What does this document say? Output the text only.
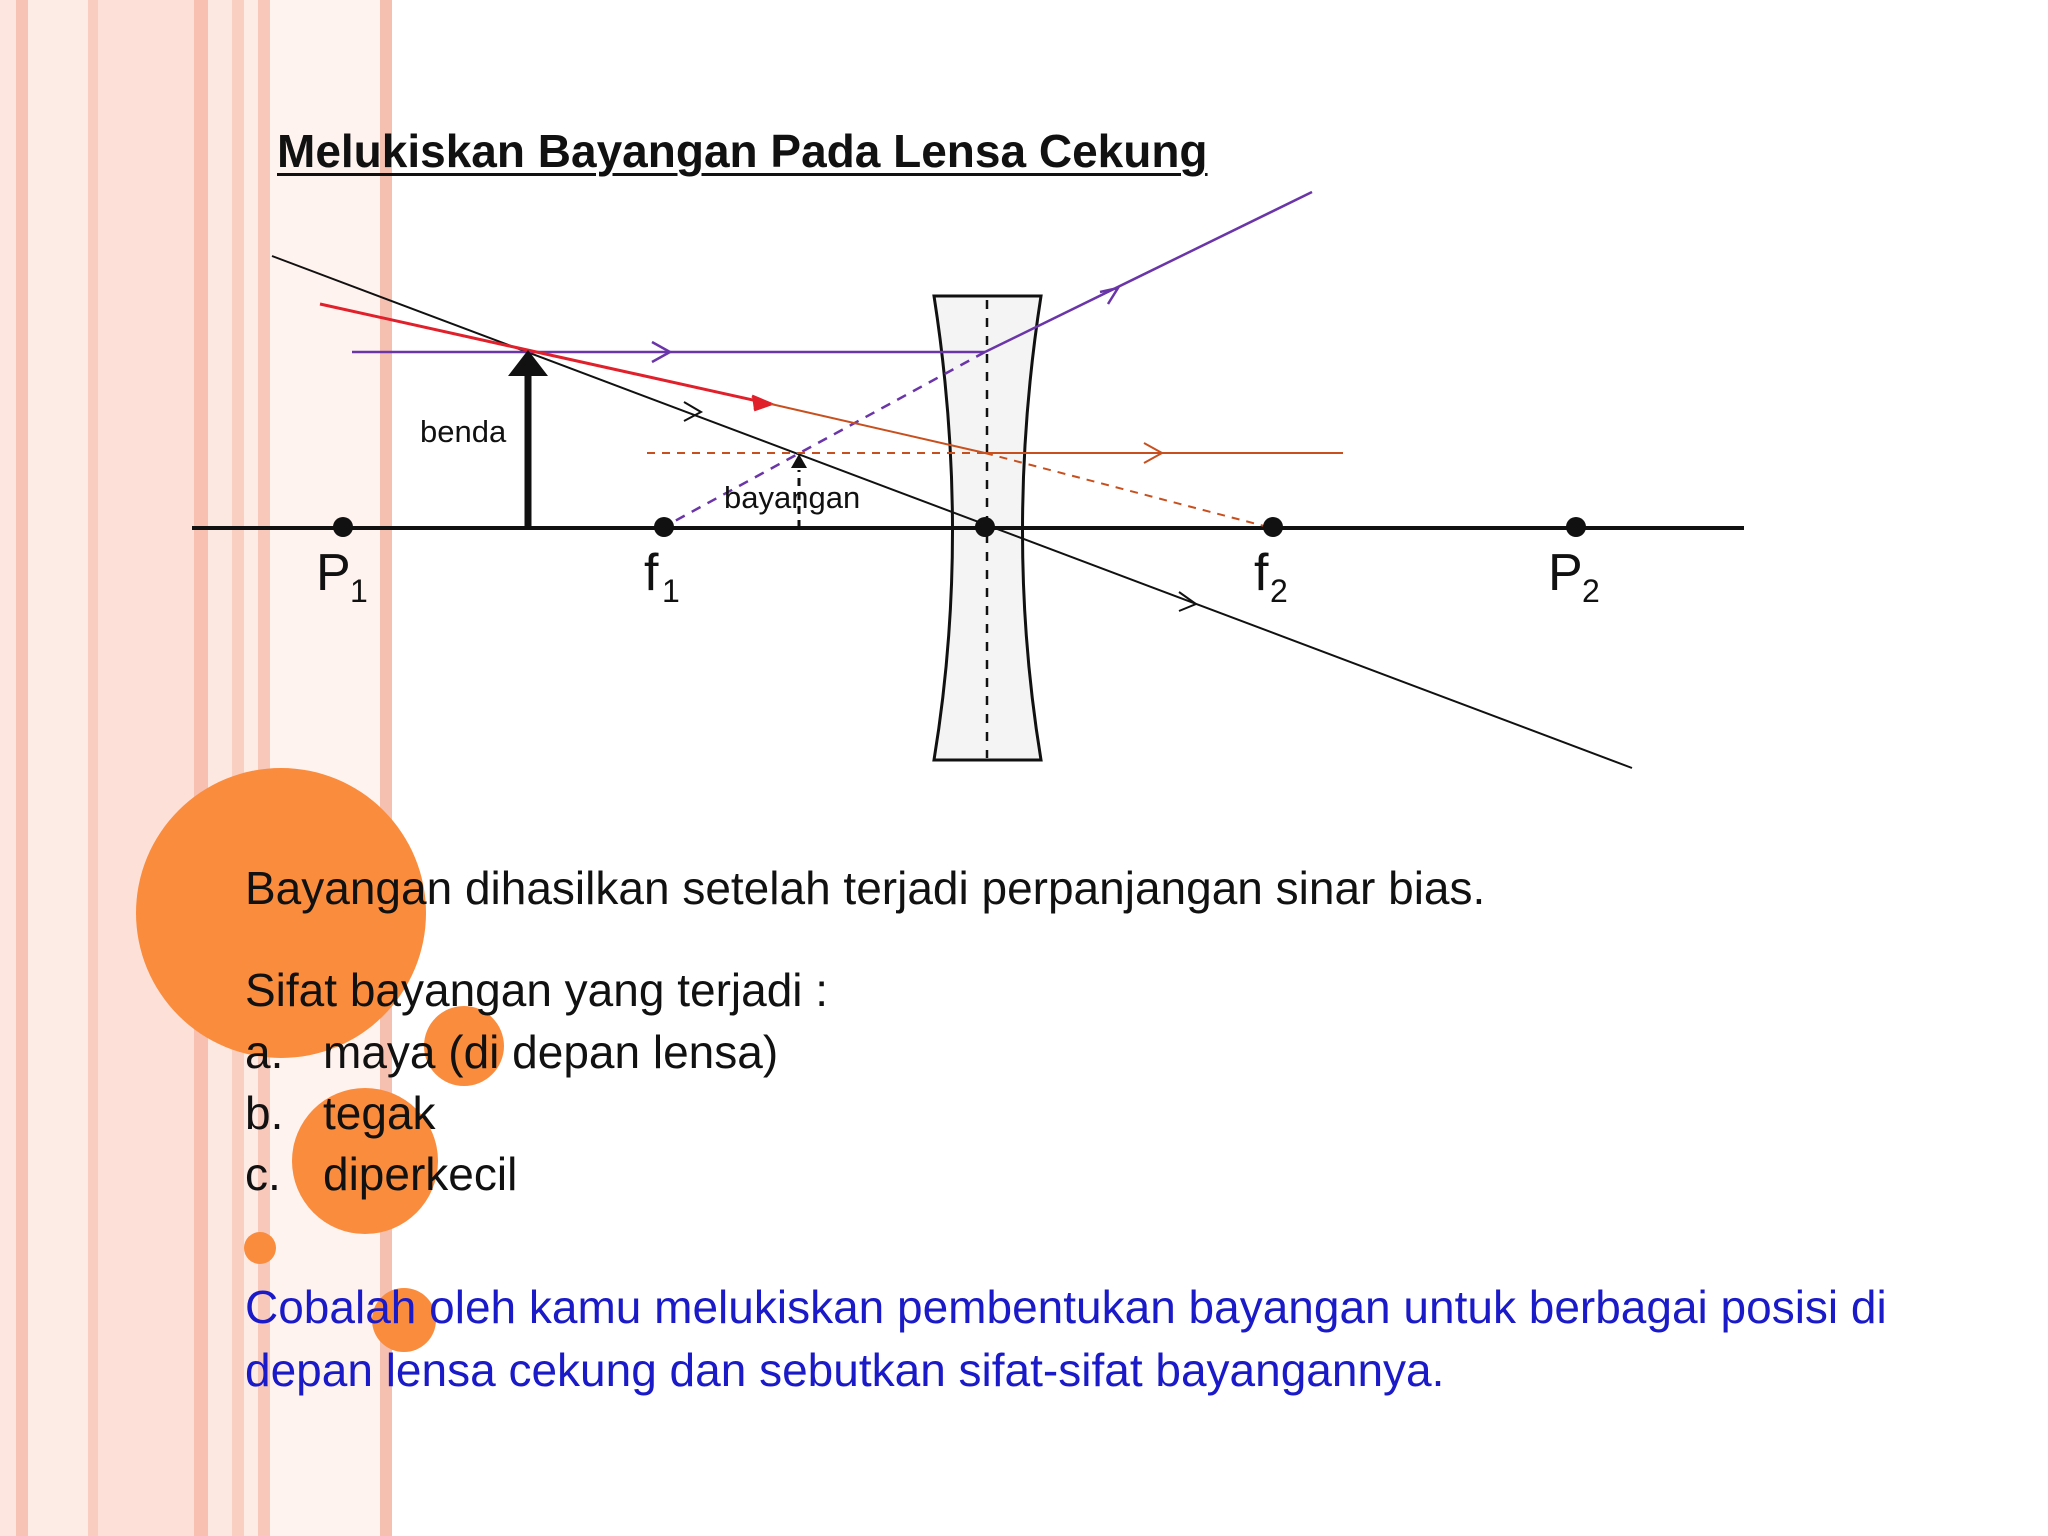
Melukiskan Bayangan Pada Lensa Cekung
P 1	f 1	f 2	P 2
benda
bayangan

Bayangan dihasilkan setelah terjadi perpanjangan sinar bias.

Sifat bayangan yang terjadi :

a. maya (di depan lensa)
b. tegak
c. diperkecil

Cobalah oleh kamu melukiskan pembentukan bayangan untuk berbagai posisi di depan lensa cekung dan sebutkan sifat-sifat bayangannya.
